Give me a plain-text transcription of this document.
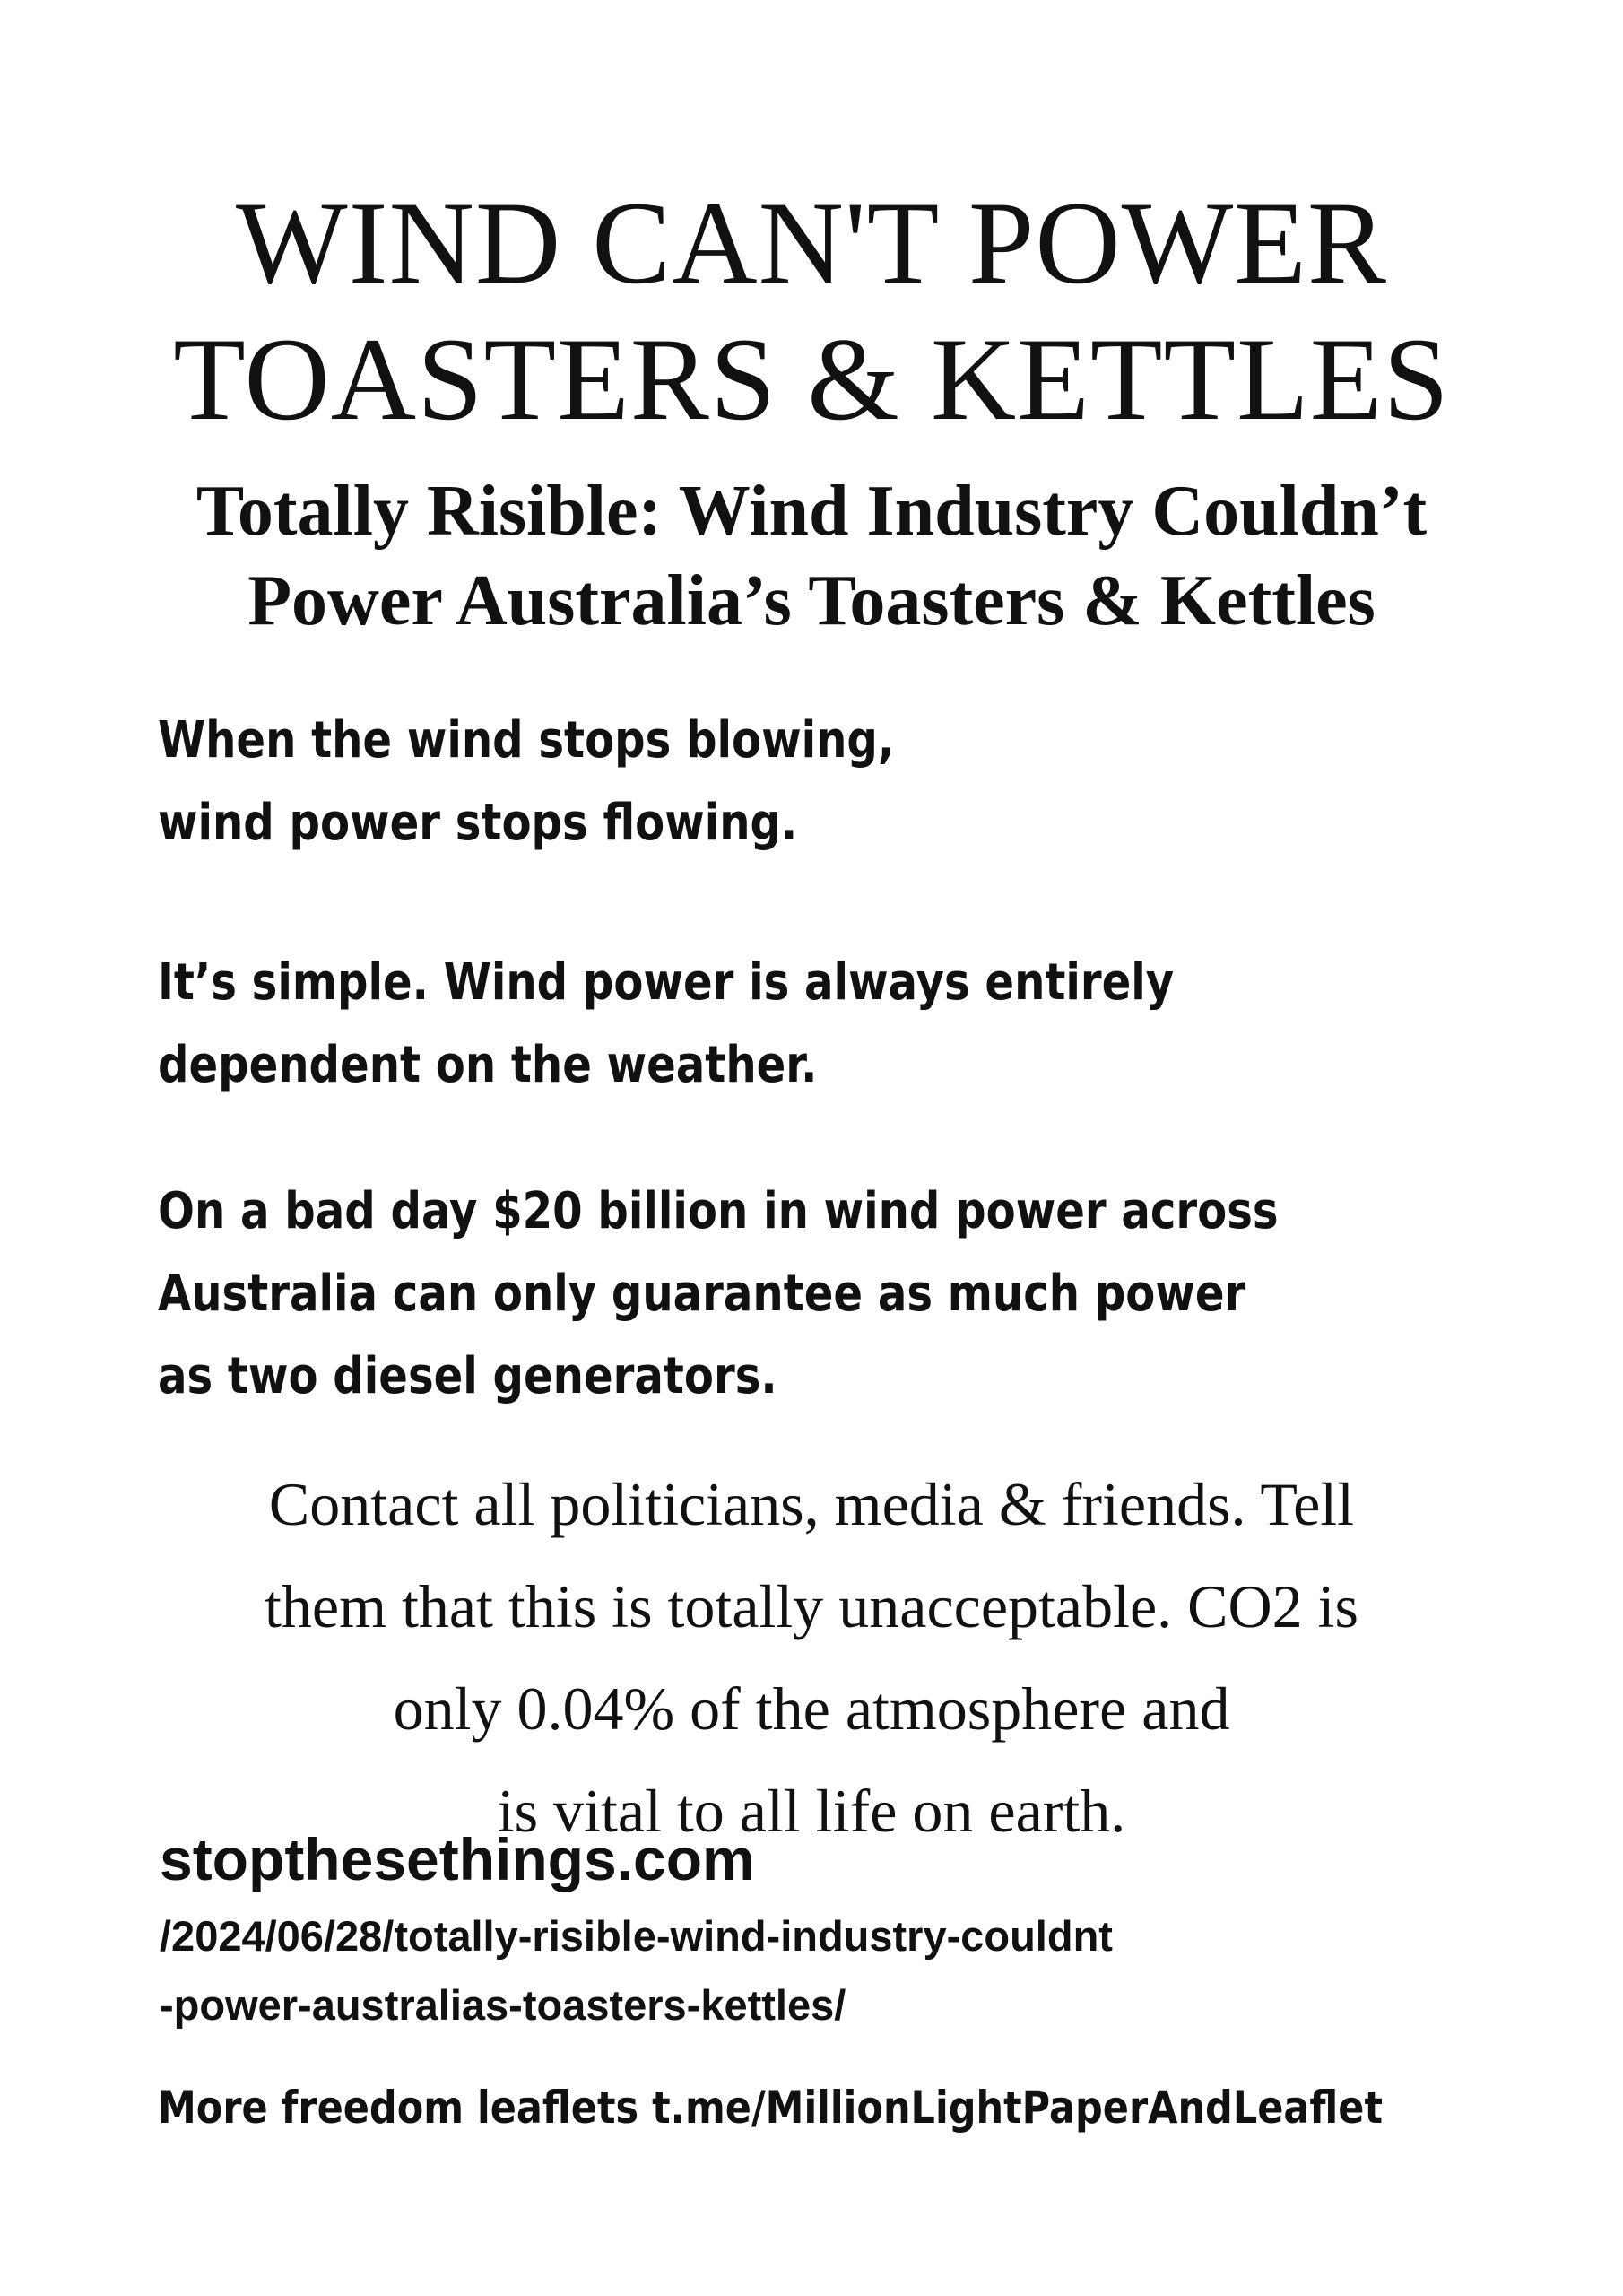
WIND CAN'T POWER
TOASTERS & KETTLES
Totally Risible: Wind Industry Couldn’t
Power Australia’s Toasters & Kettles
When the wind stops blowing,
wind power stops flowing.
It’s simple. Wind power is always entirely
dependent on the weather.
On a bad day $20 billion in wind power across
Australia can only guarantee as much power
as two diesel generators.

Contact all politicians, media & friends. Tell

them that this is totally unacceptable. CO2 is

only 0.04% of the atmosphere and

is vital to all life on earth.

stopthesethings.com
/2024/06/28/totally-risible-wind-industry-couldnt
-power-australias-toasters-kettles/
More freedom leaflets t.me/MillionLightPaperAndLeaflet
